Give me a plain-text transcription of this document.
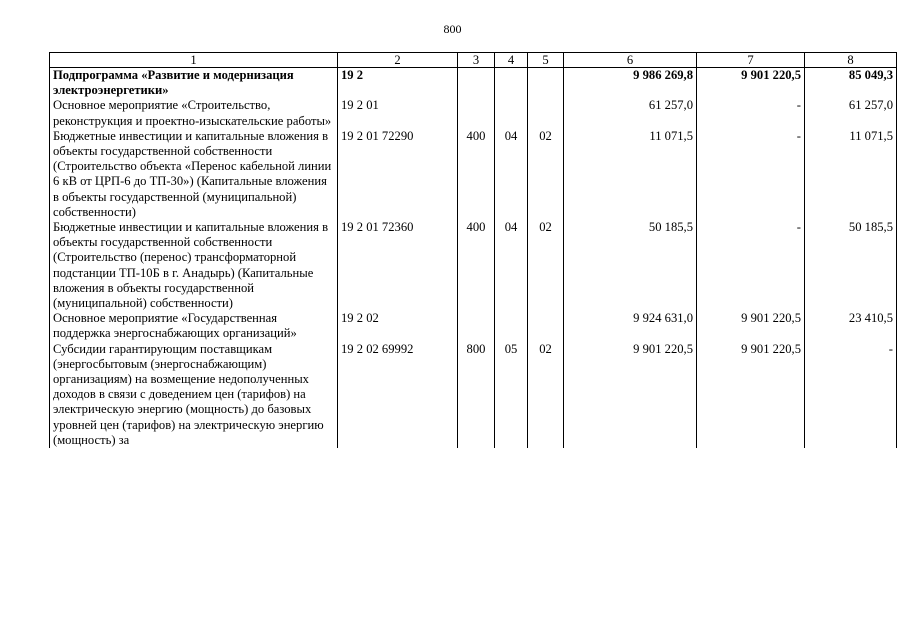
800
1	2	3	4	5	6	7	8
Подпрограмма «Развитие и модернизация электроэнергетики»	19 2				9 986 269,8	9 901 220,5	85 049,3
Основное мероприятие «Строительство, реконструкция и проектно-изыскательские работы»	19 2 01				61 257,0	-	61 257,0
Бюджетные инвестиции и капитальные вложения в объекты государственной собственности (Строительство объекта «Перенос кабельной линии 6 кВ от ЦРП-6 до ТП-30») (Капитальные вложения в объекты государственной (муниципальной) собственности)	19 2 01 72290	400	04	02	11 071,5	-	11 071,5
Бюджетные инвестиции и капитальные вложения в объекты государственной собственности (Строительство (перенос) трансформаторной подстанции ТП-10Б в г. Анадырь) (Капитальные вложения в объекты государственной (муниципальной) собственности)	19 2 01 72360	400	04	02	50 185,5	-	50 185,5
Основное мероприятие «Государственная поддержка энергоснабжающих организаций»	19 2 02				9 924 631,0	9 901 220,5	23 410,5
Субсидии гарантирующим поставщикам (энергосбытовым (энергоснабжающим) организациям) на возмещение недополученных доходов в связи с доведением цен (тарифов) на электрическую энергию (мощность) до базовых уровней цен (тарифов) на электрическую энергию (мощность) за	19 2 02 69992	800	05	02	9 901 220,5	9 901 220,5	-
